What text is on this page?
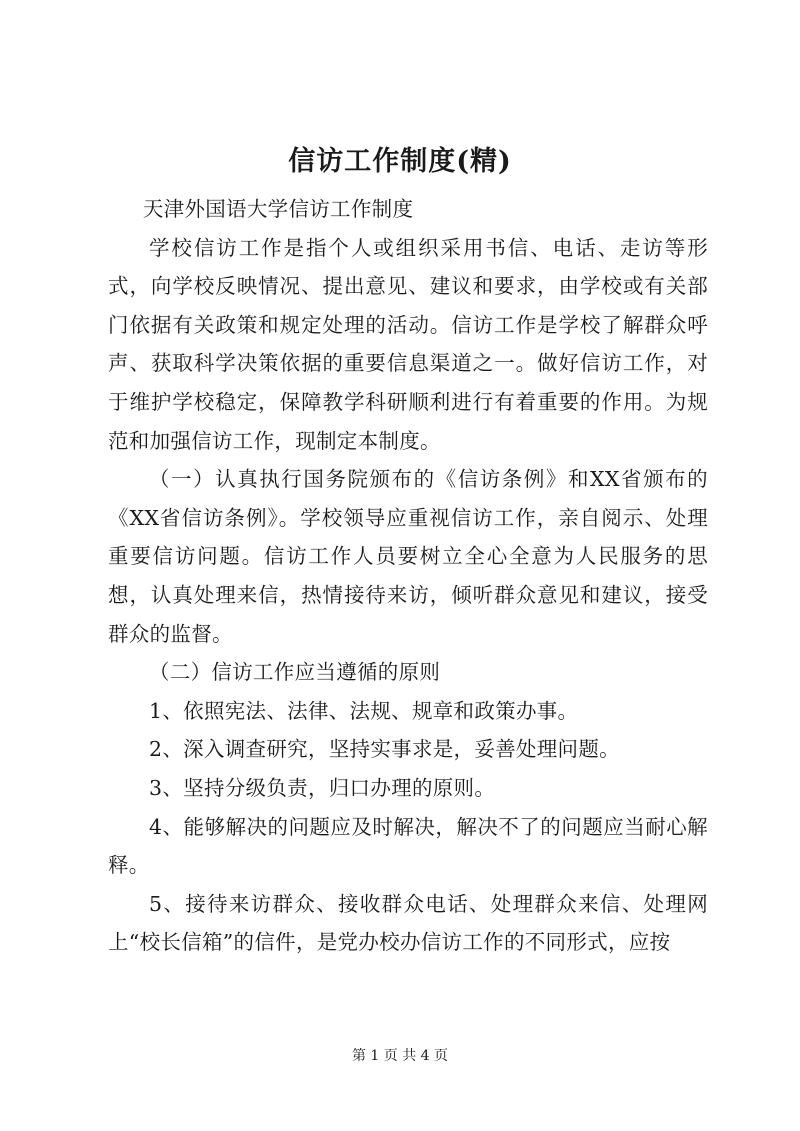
信访工作制度(精)

天津外国语大学信访工作制度

学校信访工作是指个人或组织采用书信、电话、走访等形式，向学校反映情况、提出意见、建议和要求，由学校或有关部门依据有关政策和规定处理的活动。信访工作是学校了解群众呼声、获取科学决策依据的重要信息渠道之一。做好信访工作，对于维护学校稳定，保障教学科研顺利进行有着重要的作用。为规范和加强信访工作，现制定本制度。

（一）认真执行国务院颁布的《信访条例》和XX省颁布的《XX省信访条例》。学校领导应重视信访工作，亲自阅示、处理重要信访问题。信访工作人员要树立全心全意为人民服务的思想，认真处理来信，热情接待来访，倾听群众意见和建议，接受群众的监督。

（二）信访工作应当遵循的原则

1、依照宪法、法律、法规、规章和政策办事。

2、深入调查研究，坚持实事求是，妥善处理问题。

3、坚持分级负责，归口办理的原则。

4、能够解决的问题应及时解决，解决不了的问题应当耐心解释。

5、接待来访群众、接收群众电话、处理群众来信、处理网上“校长信箱”的信件，是党办校办信访工作的不同形式，应按

第 1 页 共 4 页
